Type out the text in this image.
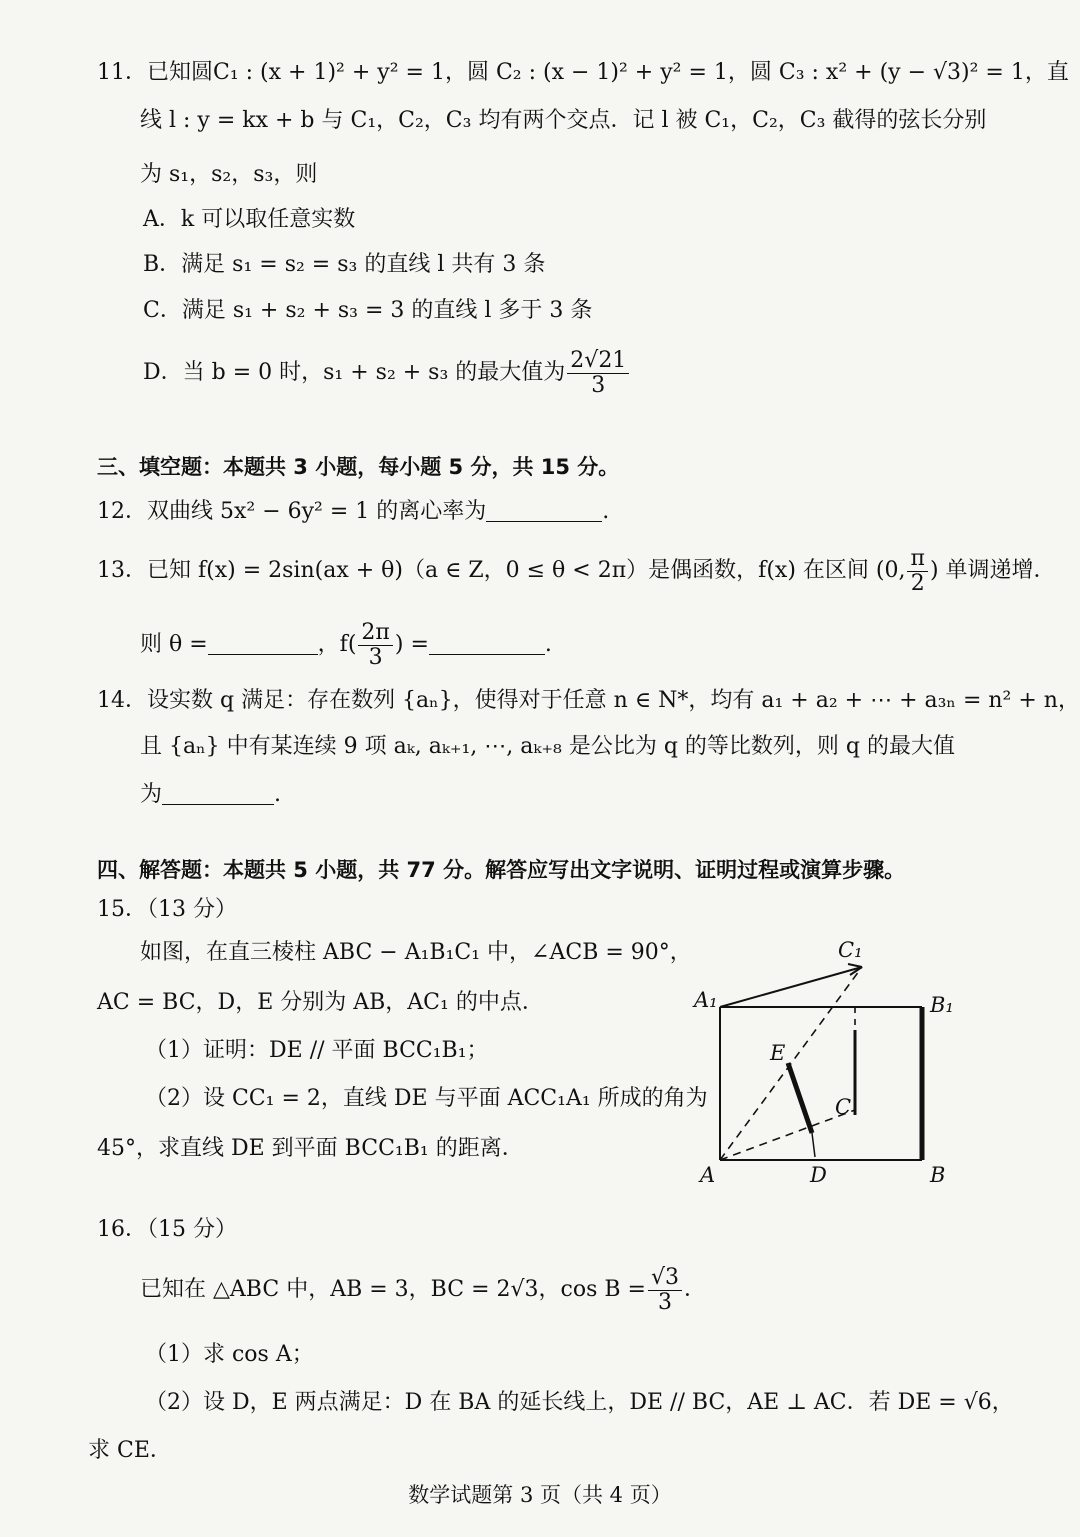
11．已知圆C₁ : (x + 1)² + y² = 1，圆 C₂ : (x − 1)² + y² = 1，圆 C₃ : x² + (y − √3)² = 1，直
线 l : y = kx + b 与 C₁，C₂，C₃ 均有两个交点．记 l 被 C₁，C₂，C₃ 截得的弦长分别
为 s₁，s₂，s₃，则
A．k 可以取任意实数
B．满足 s₁ = s₂ = s₃ 的直线 l 共有 3 条
C．满足 s₁ + s₂ + s₃ = 3 的直线 l 多于 3 条
D．当 b = 0 时，s₁ + s₂ + s₃ 的最大值为 $\frac{2√21}{3}$
三、填空题：本题共 3 小题，每小题 5 分，共 15 分。
12．双曲线 5x² − 6y² = 1 的离心率为	.
13．已知 f(x) = 2sin(ax + θ)（a ∈ Z，0 ≤ θ < 2π）是偶函数，f(x) 在区间 (0, $\frac{\pi}{2}$ ) 单调递增．
则 θ =	，$f( \frac{2\pi}{3}$ ) =	.
14．设实数 q 满足：存在数列 {aₙ}，使得对于任意 n ∈ N*，均有 a₁ + a₂ + ⋯ + a₃ₙ = n² + n，
且 {aₙ} 中有某连续 9 项 aₖ, aₖ₊₁, ⋯, aₖ₊₈ 是公比为 q 的等比数列，则 q 的最大值
为	.
四、解答题：本题共 5 小题，共 77 分。解答应写出文字说明、证明过程或演算步骤。
15．（13 分）
如图，在直三棱柱 ABC − A₁B₁C₁ 中，∠ACB = 90°，
AC = BC，D，E 分别为 AB，AC₁ 的中点．
（1）证明：DE // 平面 BCC₁B₁；
（2）设 CC₁ = 2，直线 DE 与平面 ACC₁A₁ 所成的角为
45°，求直线 DE 到平面 BCC₁B₁ 的距离．
C₁
A₁	B₁
E
C
A	D	B
16．（15 分）
已知在 △ABC 中，AB = 3，BC = 2√3，$\cos B = \frac{√3}{3}$ ．
（1）求 cos A；
（2）设 D，E 两点满足：D 在 BA 的延长线上，DE // BC，AE ⊥ AC．若 DE = √6，
求 CE．
数学试题第 3 页（共 4 页）
